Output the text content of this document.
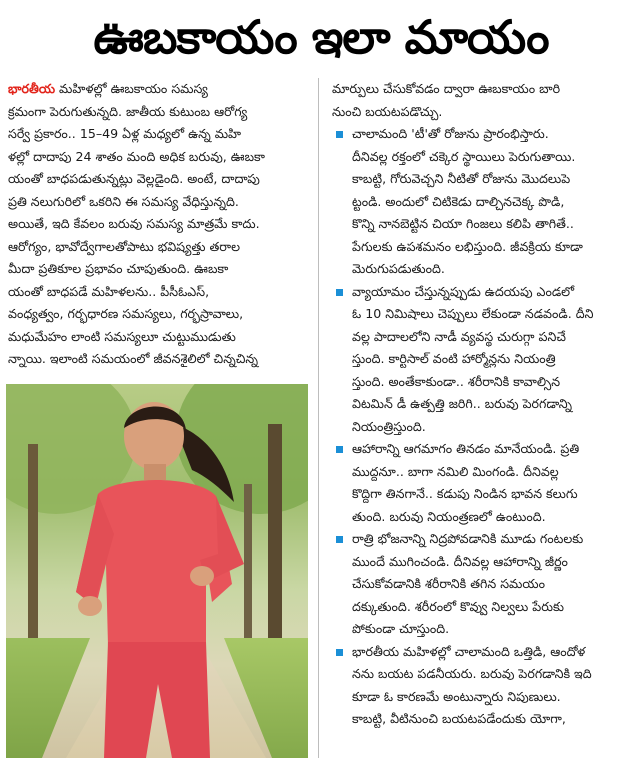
ఊబకాయం ఇలా మాయం
భారతీయ మహిళల్లో ఊబకాయం సమస్య
క్రమంగా పెరుగుతున్నది. జాతీయ కుటుంబ ఆరోగ్య
సర్వే ప్రకారం.. 15–49 ఏళ్ల మధ్యలో ఉన్న మహి
ళల్లో దాదాపు 24 శాతం మంది అధిక బరువు, ఊబకా
యంతో బాధపడుతున్నట్లు వెల్లడైంది. అంటే, దాదాపు
ప్రతి నలుగురిలో ఒకరిని ఈ సమస్య వేధిస్తున్నది.
అయితే, ఇది కేవలం బరువు సమస్య మాత్రమే కాదు.
ఆరోగ్యం, భావోద్వేగాలతోపాటు భవిష్యత్తు తరాల
మీదా ప్రతికూల ప్రభావం చూపుతుంది. ఊబకా
యంతో బాధపడే మహిళలను.. పీసీఓఎస్,
వంధ్యత్వం, గర్భధారణ సమస్యలు, గర్భస్రావాలు,
మధుమేహం లాంటి సమస్యలూ చుట్టుముడుతు
న్నాయి. ఇలాంటి సమయంలో జీవనశైలిలో చిన్నచిన్న
మార్పులు చేసుకోవడం ద్వారా ఊబకాయం బారి
నుంచి బయటపడొచ్చు.
చాలామంది 'టీ'తో రోజును ప్రారంభిస్తారు.
దీనివల్ల రక్తంలో చక్కెర స్థాయిలు పెరుగుతాయి.
కాబట్టి, గోరువెచ్చని నీటితో రోజును మొదలుపె
ట్టండి. అందులో చిటికెడు దాల్చినచెక్క పొడి,
కొన్ని నానబెట్టిన చియా గింజలు కలిపి తాగితే..
పేగులకు ఉపశమనం లభిస్తుంది. జీవక్రియ కూడా
మెరుగుపడుతుంది.
వ్యాయామం చేస్తున్నప్పుడు ఉదయపు ఎండలో
ఓ 10 నిమిషాలు చెప్పులు లేకుండా నడవండి. దీని
వల్ల పాదాలలోని నాడీ వ్యవస్థ చురుగ్గా పనిచే
స్తుంది. కార్టిసాల్ వంటి హార్మోన్లను నియంత్రి
స్తుంది. అంతేకాకుండా.. శరీరానికి కావాల్సిన
విటమిన్ డీ ఉత్పత్తి జరిగి.. బరువు పెరగడాన్ని
నియంత్రిస్తుంది.
ఆహారాన్ని ఆగమాగం తినడం మానేయండి. ప్రతి
ముద్దనూ.. బాగా నమిలి మింగండి. దీనివల్ల
కొద్దిగా తినగానే.. కడుపు నిండిన భావన కలుగు
తుంది. బరువు నియంత్రణలో ఉంటుంది.
రాత్రి భోజనాన్ని నిద్రపోవడానికి మూడు గంటలకు
ముందే ముగించండి. దీనివల్ల ఆహారాన్ని జీర్ణం
చేసుకోవడానికి శరీరానికి తగిన సమయం
దక్కుతుంది. శరీరంలో కొవ్వు నిల్వలు పేరుకు
పోకుండా చూస్తుంది.
భారతీయ మహిళల్లో చాలామంది ఒత్తిడి, ఆందోళ
నను బయట పడనీయరు. బరువు పెరగడానికి ఇది
కూడా ఓ కారణమే అంటున్నారు నిపుణులు.
కాబట్టి, వీటినుంచి బయటపడేందుకు యోగా,
